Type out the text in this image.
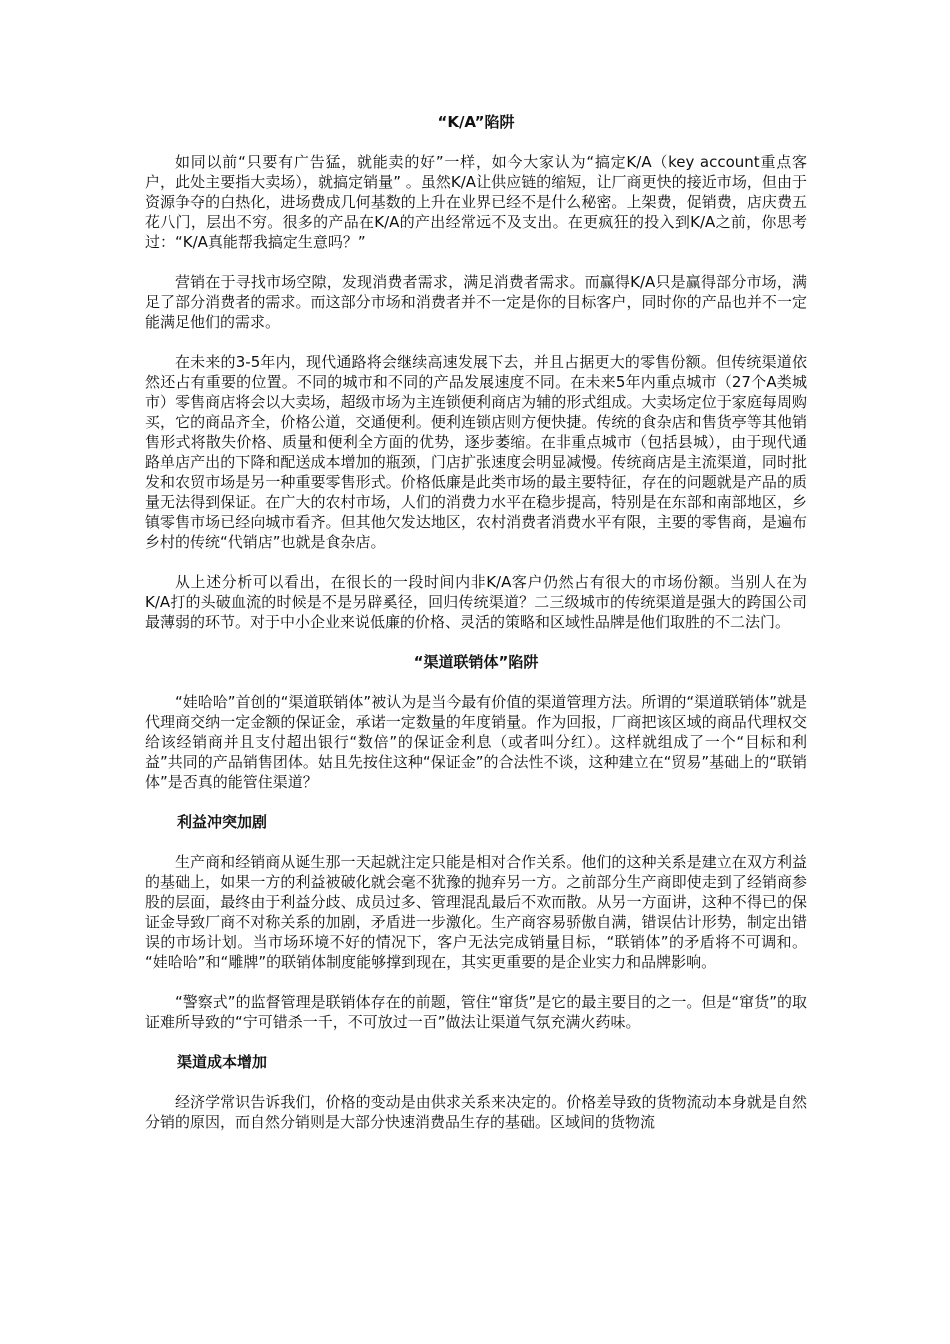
“K/A”陷阱

如同以前“只要有广告猛，就能卖的好”一样，如今大家认为“搞定K/A（key account重点客户，此处主要指大卖场），就搞定销量” 。虽然K/A让供应链的缩短，让厂商更快的接近市场，但由于资源争夺的白热化，进场费成几何基数的上升在业界已经不是什么秘密。上架费，促销费，店庆费五花八门，层出不穷。很多的产品在K/A的产出经常远不及支出。在更疯狂的投入到K/A之前，你思考过：“K/A真能帮我搞定生意吗？”

营销在于寻找市场空隙，发现消费者需求，满足消费者需求。而赢得K/A只是赢得部分市场，满足了部分消费者的需求。而这部分市场和消费者并不一定是你的目标客户，同时你的产品也并不一定能满足他们的需求。

在未来的3-5年内，现代通路将会继续高速发展下去，并且占据更大的零售份额。但传统渠道依然还占有重要的位置。不同的城市和不同的产品发展速度不同。在未来5年内重点城市（27个A类城市）零售商店将会以大卖场，超级市场为主连锁便利商店为辅的形式组成。大卖场定位于家庭每周购买，它的商品齐全，价格公道，交通便利。便利连锁店则方便快捷。传统的食杂店和售货亭等其他销售形式将散失价格、质量和便利全方面的优势，逐步萎缩。在非重点城市（包括县城），由于现代通路单店产出的下降和配送成本增加的瓶颈，门店扩张速度会明显减慢。传统商店是主流渠道，同时批发和农贸市场是另一种重要零售形式。价格低廉是此类市场的最主要特征，存在的问题就是产品的质量无法得到保证。在广大的农村市场，人们的消费力水平在稳步提高，特别是在东部和南部地区，乡镇零售市场已经向城市看齐。但其他欠发达地区，农村消费者消费水平有限，主要的零售商，是遍布乡村的传统“代销店”也就是食杂店。

从上述分析可以看出，在很长的一段时间内非K/A客户仍然占有很大的市场份额。当别人在为K/A打的头破血流的时候是不是另辟奚径，回归传统渠道？二三级城市的传统渠道是强大的跨国公司最薄弱的环节。对于中小企业来说低廉的价格、灵活的策略和区域性品牌是他们取胜的不二法门。

“渠道联销体”陷阱

“娃哈哈”首创的“渠道联销体”被认为是当今最有价值的渠道管理方法。所谓的“渠道联销体”就是代理商交纳一定金额的保证金，承诺一定数量的年度销量。作为回报，厂商把该区域的商品代理权交给该经销商并且支付超出银行“数倍”的保证金利息（或者叫分红）。这样就组成了一个“目标和利益”共同的产品销售团体。姑且先按住这种“保证金”的合法性不谈，这种建立在“贸易”基础上的“联销体”是否真的能管住渠道？

利益冲突加剧

生产商和经销商从诞生那一天起就注定只能是相对合作关系。他们的这种关系是建立在双方利益的基础上，如果一方的利益被破化就会毫不犹豫的抛弃另一方。之前部分生产商即使走到了经销商参股的层面，最终由于利益分歧、成员过多、管理混乱最后不欢而散。从另一方面讲，这种不得已的保证金导致厂商不对称关系的加剧，矛盾进一步激化。生产商容易骄傲自满，错误估计形势，制定出错误的市场计划。当市场环境不好的情况下，客户无法完成销量目标，“联销体”的矛盾将不可调和。 “娃哈哈”和“雕牌”的联销体制度能够撑到现在，其实更重要的是企业实力和品牌影响。

“警察式”的监督管理是联销体存在的前题，管住“窜货”是它的最主要目的之一。但是“窜货”的取证难所导致的“宁可错杀一千，不可放过一百”做法让渠道气氛充满火药味。

渠道成本增加

经济学常识告诉我们，价格的变动是由供求关系来决定的。价格差导致的货物流动本身就是自然分销的原因，而自然分销则是大部分快速消费品生存的基础。区域间的货物流
